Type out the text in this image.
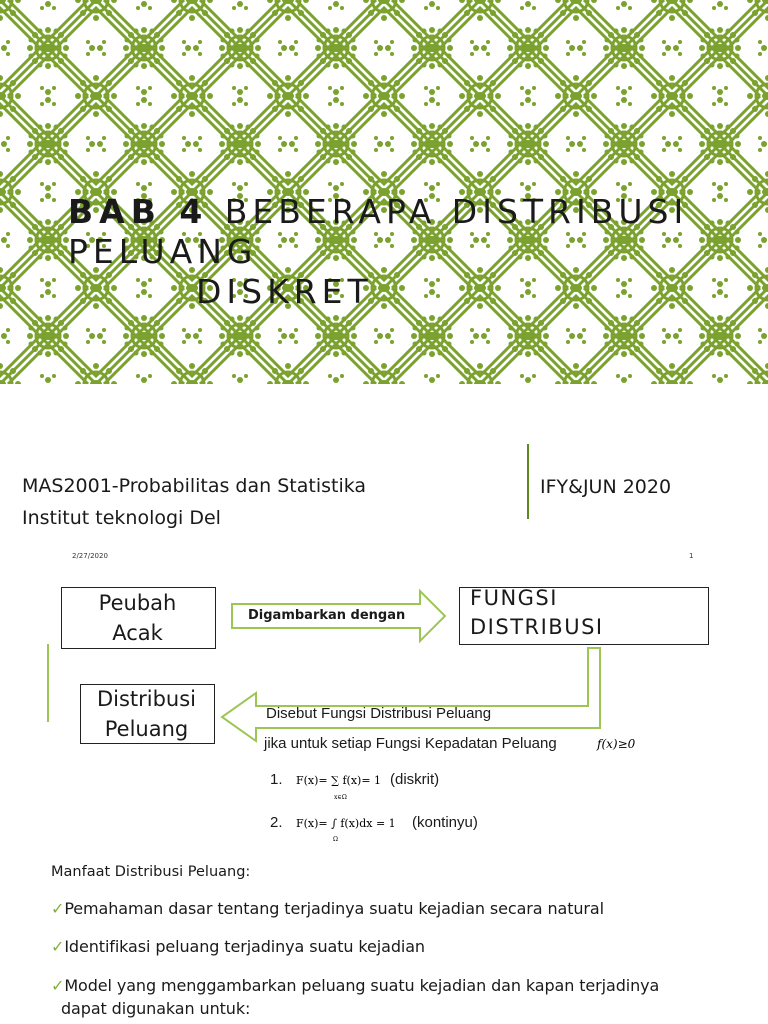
BAB 4 BEBERAPA DISTRIBUSI PELUANG
DISKRET
MAS2001-Probabilitas dan Statistika
Institut teknologi Del
IFY&JUN 2020
2/27/2020	1
Peubah
Acak
Digambarkan dengan
FUNGSI
DISTRIBUSI
Distribusi
Peluang
Disebut Fungsi Distribusi Peluang
jika untuk setiap Fungsi Kepadatan Peluang	f(x)≥0
1. F(x)= ∑ f(x)= 1
x∈Ω
(diskrit)
2. F(x)= ∫ f(x)dx = 1
Ω
(kontinyu)
Manfaat Distribusi Peluang:
✓Pemahaman dasar tentang terjadinya suatu kejadian secara natural
✓Identifikasi peluang terjadinya suatu kejadian
✓Model yang menggambarkan peluang suatu kejadian dan kapan terjadinya
dapat digunakan untuk:
